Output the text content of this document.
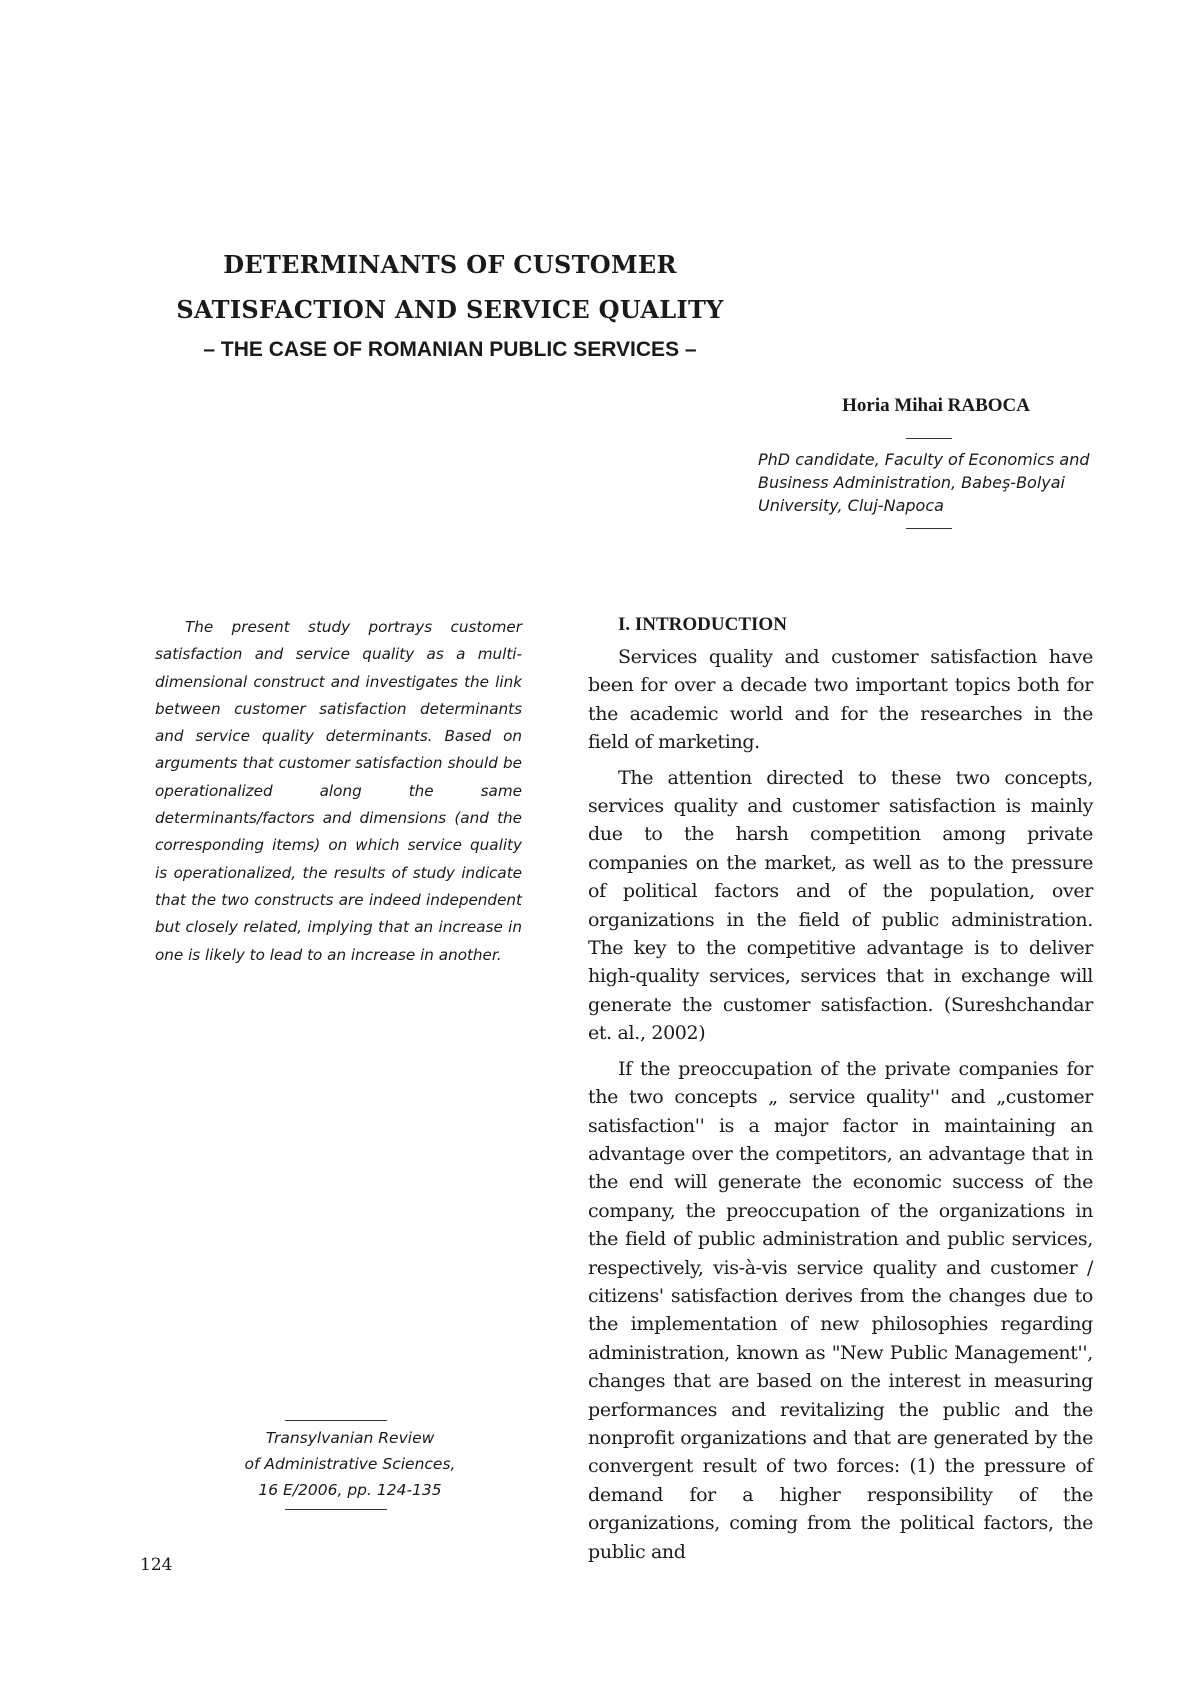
DETERMINANTS OF CUSTOMER
SATISFACTION AND SERVICE QUALITY
– THE CASE OF ROMANIAN PUBLIC SERVICES –
Horia Mihai RABOCA
PhD candidate, Faculty of Economics and Business Administration, Babeş-Bolyai University, Cluj-Napoca
The present study portrays customer satisfaction and service quality as a multi-dimensional construct and investigates the link between customer satisfaction determinants and service quality determinants. Based on arguments that customer satisfaction should be operationalized along the same determinants/factors and dimensions (and the corresponding items) on which service quality is operationalized, the results of study indicate that the two constructs are indeed independent but closely related, implying that an increase in one is likely to lead to an increase in another.
I. INTRODUCTION

Services quality and customer satisfaction have been for over a decade two important topics both for the academic world and for the researches in the field of marketing.

The attention directed to these two concepts, services quality and customer satisfaction is mainly due to the harsh competition among private companies on the market, as well as to the pressure of political factors and of the population, over organizations in the field of public administration. The key to the competitive advantage is to deliver high-quality services, services that in exchange will generate the customer satisfaction. (Sureshchandar et. al., 2002)

If the preoccupation of the private companies for the two concepts „ service quality'' and „customer satisfaction'' is a major factor in maintaining an advantage over the competitors, an advantage that in the end will generate the economic success of the company, the preoccupation of the organizations in the field of public administration and public services, respectively, vis-à-vis service quality and customer / citizens' satisfaction derives from the changes due to the implementation of new philosophies regarding administration, known as "New Public Management'', changes that are based on the interest in measuring performances and revitalizing the public and the nonprofit organizations and that are generated by the convergent result of two forces: (1) the pressure of demand for a higher responsibility of the organizations, coming from the political factors, the public and

Transylvanian Review
of Administrative Sciences,
16 E/2006, pp. 124-135
124
